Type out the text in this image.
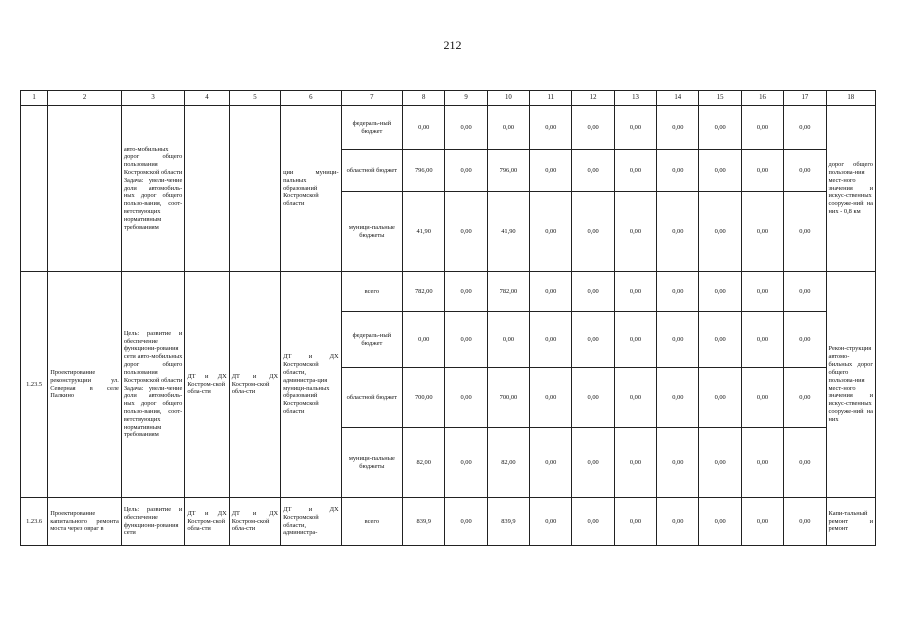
212
1	2	3	4	5	6	7	8	9	10	11	12	13	14	15	16	17	18
		авто-мобильных дорог общего пользования Костромской области Задача: увели-чение доли автомобиль-ных дорог общего пользо-вания, соот-ветствующих нормативным требованиям			ции муници-пальных образований Костромской области	федераль-ный бюджет	0,00	0,00	0,00	0,00	0,00	0,00	0,00	0,00	0,00	0,00	дорог общего пользова-ния мест-ного значения и искус-ственных сооруже-ний на них - 0,8 км
						областной бюджет	796,00	0,00	796,00	0,00	0,00	0,00	0,00	0,00	0,00	0,00	
						муници-пальные бюджеты	41,90	0,00	41,90	0,00	0,00	0,00	0,00	0,00	0,00	0,00	
1.23.5	Проектирование реконструкции ул. Северная в селе Палкино	Цель: развитие и обеспечение функциони-рования сети авто-мобильных дорог общего пользования Костромской области Задача: увели-чение доли автомобиль-ных дорог общего пользо-вания, соот-ветствующих нормативным требованиям	ДТ и ДХ Костром-ской обла-сти	ДТ и ДХ Костром-ской обла-сти	ДТ и ДХ Костромской области, администра-ция муници-пальных образований Костромской области	всего	782,00	0,00	782,00	0,00	0,00	0,00	0,00	0,00	0,00	0,00	Рекон-струкция автомо-бильных дорог общего пользова-ния мест-ного значения и искус-ственных сооруже-ний на них
						федераль-ный бюджет	0,00	0,00	0,00	0,00	0,00	0,00	0,00	0,00	0,00	0,00	
						областной бюджет	700,00	0,00	700,00	0,00	0,00	0,00	0,00	0,00	0,00	0,00	
						муници-пальные бюджеты	82,00	0,00	82,00	0,00	0,00	0,00	0,00	0,00	0,00	0,00	
1.23.6	Проектирование капитального ремонта моста через овраг в	Цель: развитие и обеспечение функциони-рования сети	ДТ и ДХ Костром-ской обла-сти	ДТ и ДХ Костром-ской обла-сти	ДТ и ДХ Костромской области, администра-	всего	839,9	0,00	839,9	0,00	0,00	0,00	0,00	0,00	0,00	0,00	Капи-тальный ремонт и ремонт
